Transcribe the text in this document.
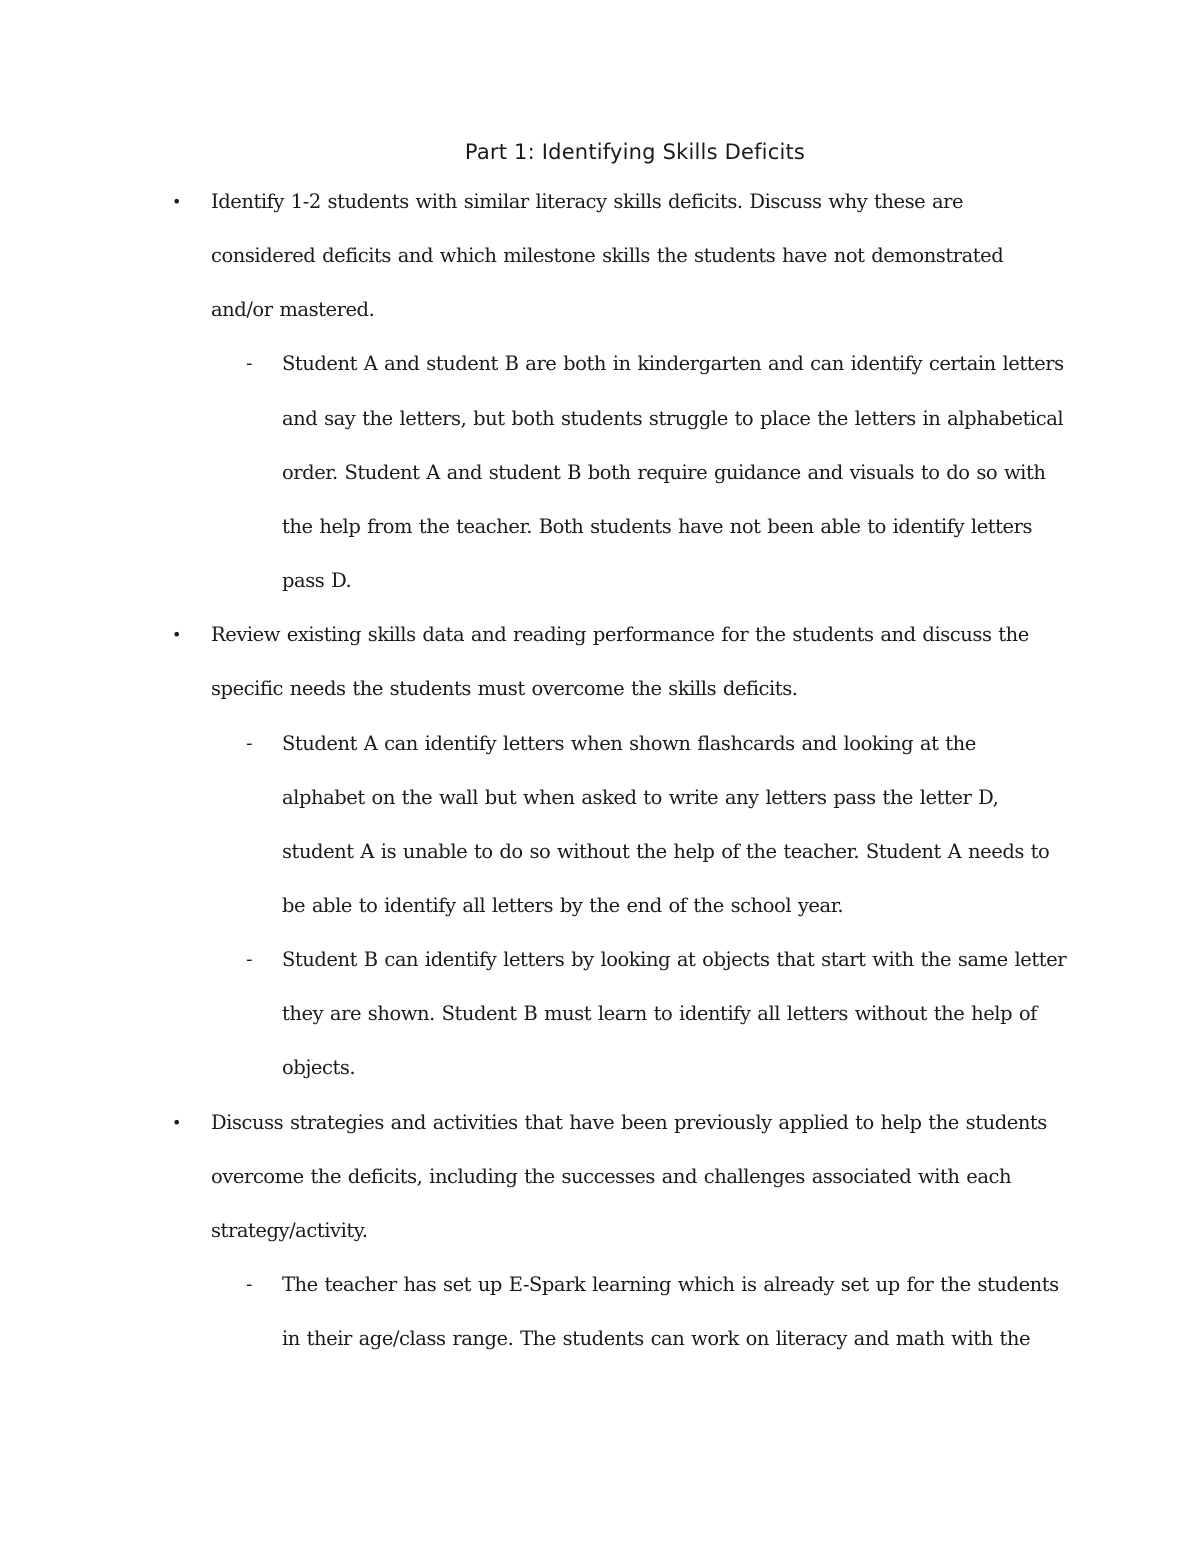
Part 1: Identifying Skills Deficits
• Identify 1-2 students with similar literacy skills deficits. Discuss why these are
considered deficits and which milestone skills the students have not demonstrated
and/or mastered.
- Student A and student B are both in kindergarten and can identify certain letters
and say the letters, but both students struggle to place the letters in alphabetical
order. Student A and student B both require guidance and visuals to do so with
the help from the teacher. Both students have not been able to identify letters
pass D.
• Review existing skills data and reading performance for the students and discuss the
specific needs the students must overcome the skills deficits.
- Student A can identify letters when shown flashcards and looking at the
alphabet on the wall but when asked to write any letters pass the letter D,
student A is unable to do so without the help of the teacher. Student A needs to
be able to identify all letters by the end of the school year.
- Student B can identify letters by looking at objects that start with the same letter
they are shown. Student B must learn to identify all letters without the help of
objects.
• Discuss strategies and activities that have been previously applied to help the students
overcome the deficits, including the successes and challenges associated with each
strategy/activity.
- The teacher has set up E-Spark learning which is already set up for the students
in their age/class range. The students can work on literacy and math with the
